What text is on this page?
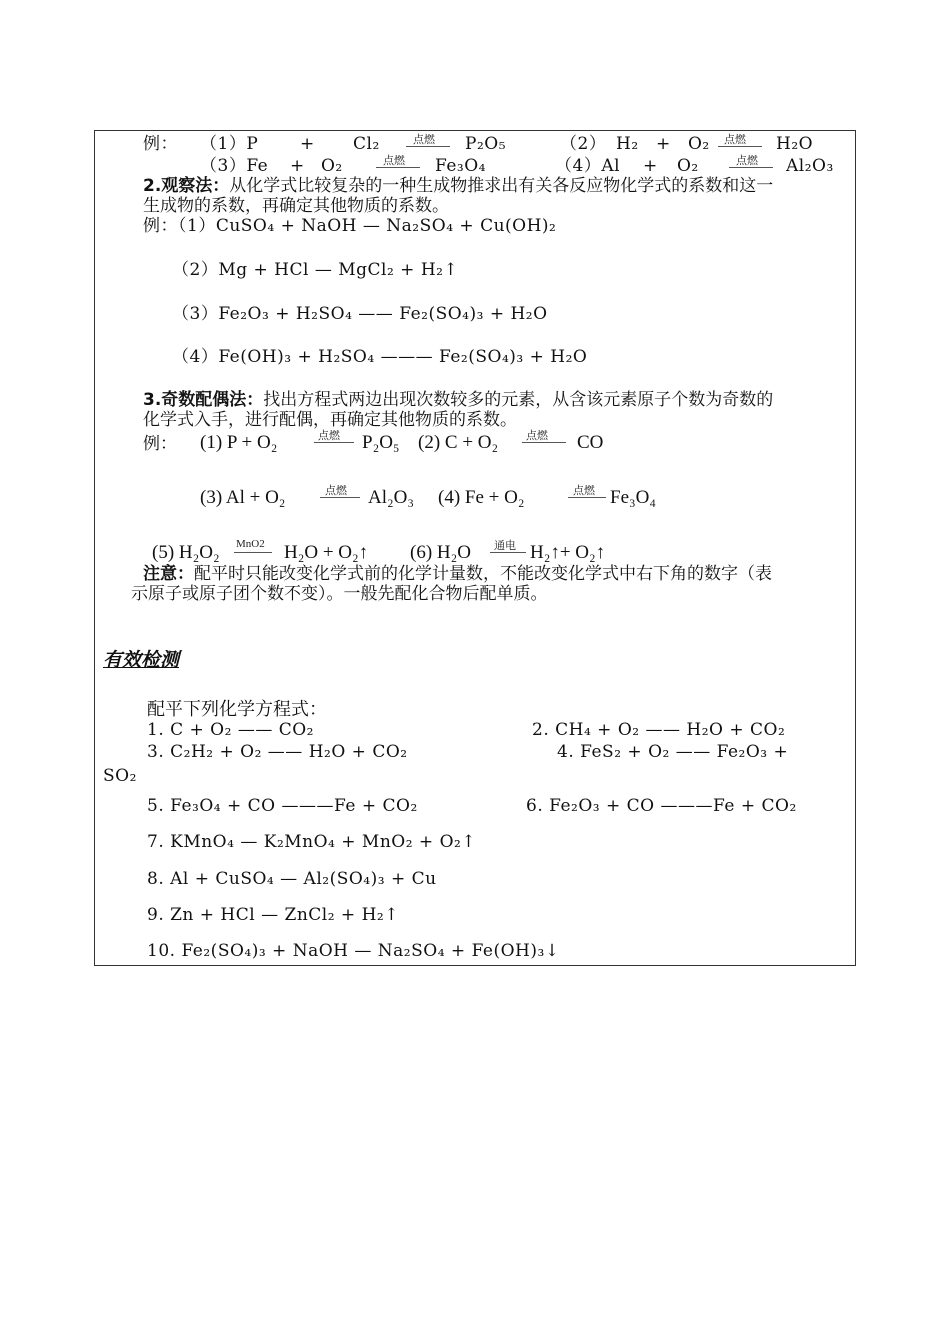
例： （1）P + Cl₂	点燃 P₂O₅	（2） H₂ + O₂ 点燃 H₂O
（3）Fe + O₂	点燃 Fe₃O₄	（4）Al + O₂	点燃 Al₂O₃
2.观察法：从化学式比较复杂的一种生成物推求出有关各反应物化学式的系数和这一
生成物的系数，再确定其他物质的系数。
例：（1）CuSO₄ + NaOH — Na₂SO₄ + Cu(OH)₂
（2）Mg + HCl — MgCl₂ + H₂↑
（3）Fe₂O₃ + H₂SO₄ —— Fe₂(SO₄)₃ + H₂O
（4）Fe(OH)₃ + H₂SO₄ ——— Fe₂(SO₄)₃ + H₂O
3.奇数配偶法：找出方程式两边出现次数较多的元素，从含该元素原子个数为奇数的
化学式入手，进行配偶，再确定其他物质的系数。
例： (1) P + O₂	点燃 P₂O₅ (2) C + O₂	点燃 CO
(3) Al + O₂	点燃 Al₂O₃ (4) Fe + O₂	点燃 Fe₃O₄
(5) H₂O₂ MnO2 H₂O + O₂↑ (6) H₂O 通电 H₂↑+ O₂↑
注意：配平时只能改变化学式前的化学计量数，不能改变化学式中右下角的数字（表
示原子或原子团个数不变）。一般先配化合物后配单质。
有效检测
配平下列化学方程式：
1. C + O₂ —— CO₂	2. CH₄ + O₂ —— H₂O + CO₂
3. C₂H₂ + O₂ —— H₂O + CO₂	4. FeS₂ + O₂ —— Fe₂O₃ +
SO₂
5. Fe₃O₄ + CO ———Fe + CO₂	6. Fe₂O₃ + CO ———Fe + CO₂
7. KMnO₄ — K₂MnO₄ + MnO₂ + O₂↑
8. Al + CuSO₄ — Al₂(SO₄)₃ + Cu
9. Zn + HCl — ZnCl₂ + H₂↑
10. Fe₂(SO₄)₃ + NaOH — Na₂SO₄ + Fe(OH)₃↓
